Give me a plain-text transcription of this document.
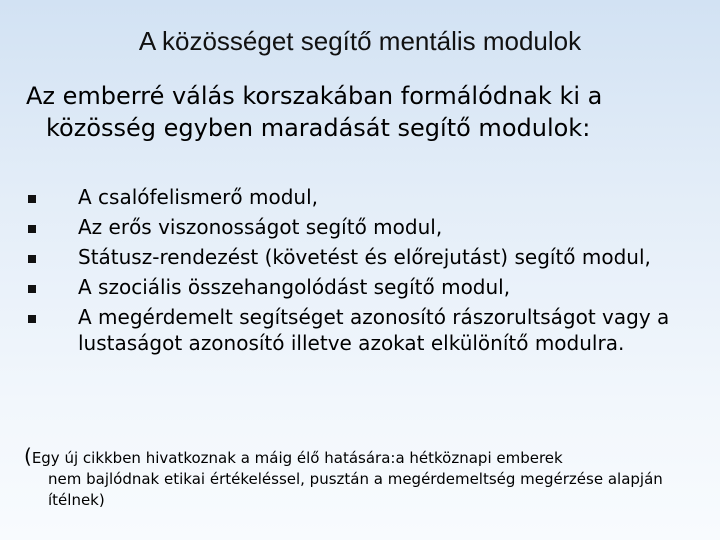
A közösséget segítő mentális modulok
Az emberré válás korszakában formálódnak ki a közösség egyben maradását segítő modulok:
A csalófelismerő modul,
Az erős viszonosságot segítő modul,
Státusz-rendezést (követést és előrejutást) segítő modul,
A szociális összehangolódást segítő modul,
A megérdemelt segítséget azonosító rászorultságot vagy a lustaságot azonosító illetve azokat elkülönítő modulra.
(Egy új cikkben hivatkoznak a máig élő hatására:a hétköznapi emberek
nem bajlódnak etikai értékeléssel, pusztán a megérdemeltség megérzése alapján ítélnek)
